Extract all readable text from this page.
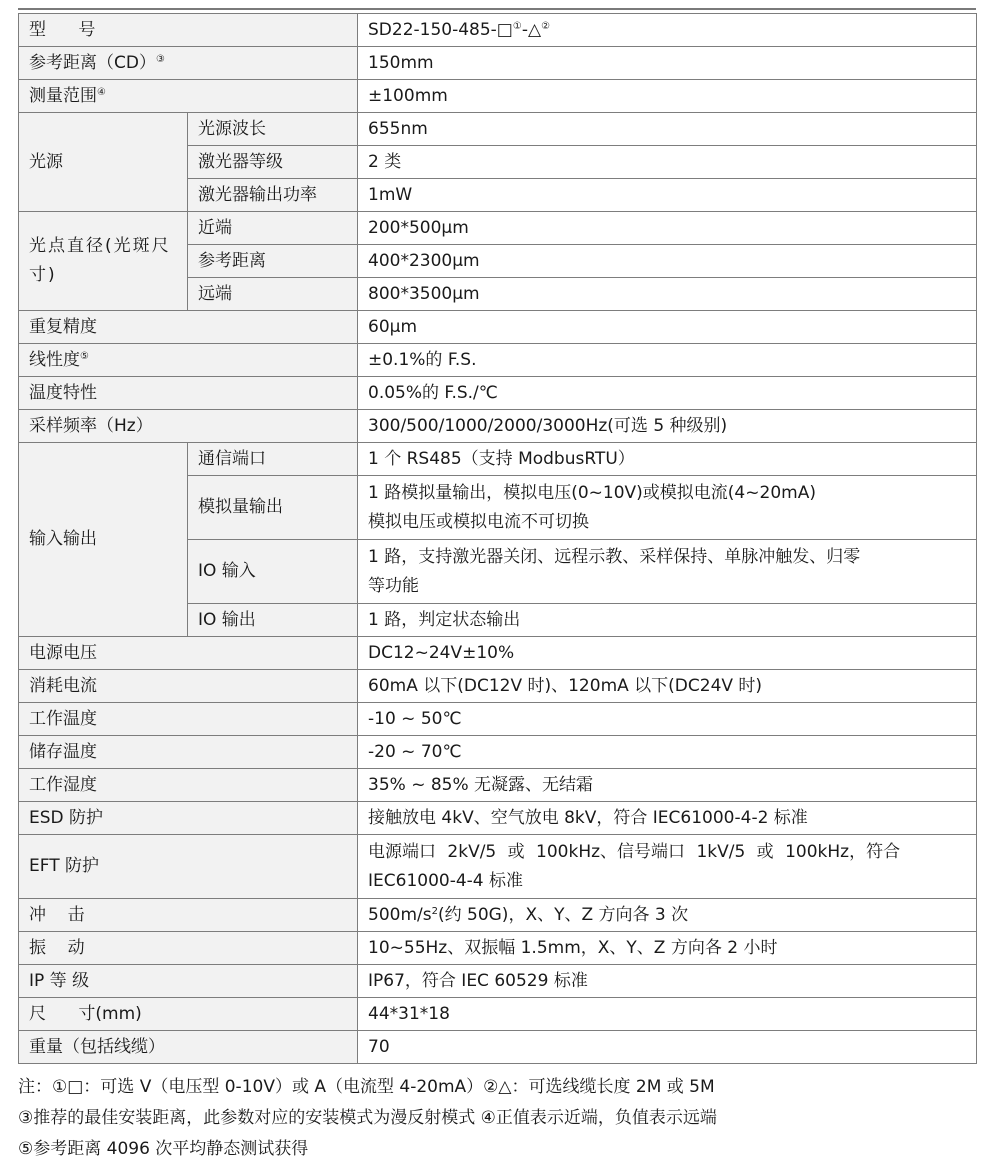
型      号		SD22-150-485-□①-△②
参考距离（CD）③		150mm
测量范围④		±100mm
光源	光源波长	655nm
	激光器等级	2 类
	激光器输出功率	1mW
光点直径(光斑尺寸)	近端	200*500μm
	参考距离	400*2300μm
	远端	800*3500μm
重复精度		60μm
线性度⑤		±0.1%的 F.S.
温度特性		0.05%的 F.S./℃
采样频率（Hz）		300/500/1000/2000/3000Hz(可选 5 种级别)
输入输出	通信端口	1 个 RS485（支持 ModbusRTU）
	模拟量输出	1 路模拟量输出，模拟电压(0~10V)或模拟电流(4~20mA)
模拟电压或模拟电流不可切换

	IO 输入	1 路，支持激光器关闭、远程示教、采样保持、单脉冲触发、归零
等功能

	IO 输出	1 路，判定状态输出
电源电压		DC12~24V±10%
消耗电流		60mA 以下(DC12V 时)、120mA 以下(DC24V 时)
工作温度		-10 ~ 50℃
储存温度		-20 ~ 70℃
工作湿度		35% ~ 85% 无凝露、无结霜
ESD 防护		接触放电 4kV、空气放电 8kV，符合 IEC61000-4-2 标准
EFT 防护		电源端口 2kV/5 或 100kHz、信号端口 1kV/5 或 100kHz，符合
IEC61000-4-4 标准

冲    击		$500m/s^2$(约 50G)，X、Y、Z 方向各 3 次
振    动		10~55Hz、双振幅 1.5mm，X、Y、Z 方向各 2 小时
IP 等 级		IP67，符合 IEC 60529 标准
尺      寸(mm)		44*31*18
重量（包括线缆）		70
注：①□：可选 V（电压型 0-10V）或 A（电流型 4-20mA）②△：可选线缆长度 2M 或 5M
③推荐的最佳安装距离，此参数对应的安装模式为漫反射模式 ④正值表示近端，负值表示远端
⑤参考距离 4096 次平均静态测试获得
